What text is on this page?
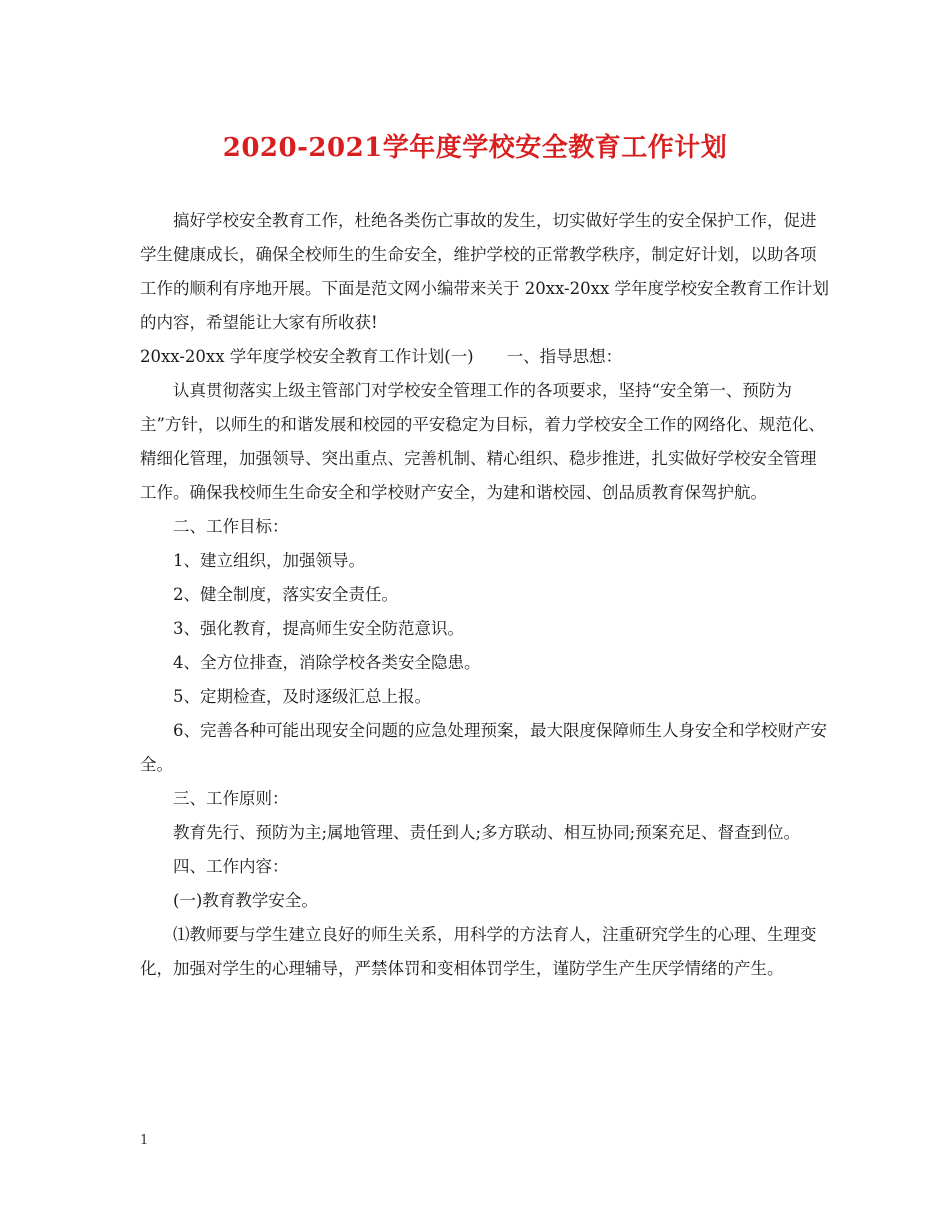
2020-2021学年度学校安全教育工作计划

搞好学校安全教育工作，杜绝各类伤亡事故的发生，切实做好学生的安全保护工作，促进学生健康成长，确保全校师生的生命安全，维护学校的正常教学秩序，制定好计划，以助各项工作的顺利有序地开展。下面是范文网小编带来关于 20xx-20xx 学年度学校安全教育工作计划的内容，希望能让大家有所收获!

20xx-20xx 学年度学校安全教育工作计划(一)　　一、指导思想：

认真贯彻落实上级主管部门对学校安全管理工作的各项要求，坚持“安全第一、预防为主”方针，以师生的和谐发展和校园的平安稳定为目标，着力学校安全工作的网络化、规范化、精细化管理，加强领导、突出重点、完善机制、精心组织、稳步推进，扎实做好学校安全管理工作。确保我校师生生命安全和学校财产安全，为建和谐校园、创品质教育保驾护航。

二、工作目标：

1、建立组织，加强领导。

2、健全制度，落实安全责任。

3、强化教育，提高师生安全防范意识。

4、全方位排查，消除学校各类安全隐患。

5、定期检查，及时逐级汇总上报。

6、完善各种可能出现安全问题的应急处理预案，最大限度保障师生人身安全和学校财产安全。

三、工作原则：

教育先行、预防为主;属地管理、责任到人;多方联动、相互协同;预案充足、督查到位。

四、工作内容：

(一)教育教学安全。

⑴教师要与学生建立良好的师生关系，用科学的方法育人，注重研究学生的心理、生理变化，加强对学生的心理辅导，严禁体罚和变相体罚学生，谨防学生产生厌学情绪的产生。

1
